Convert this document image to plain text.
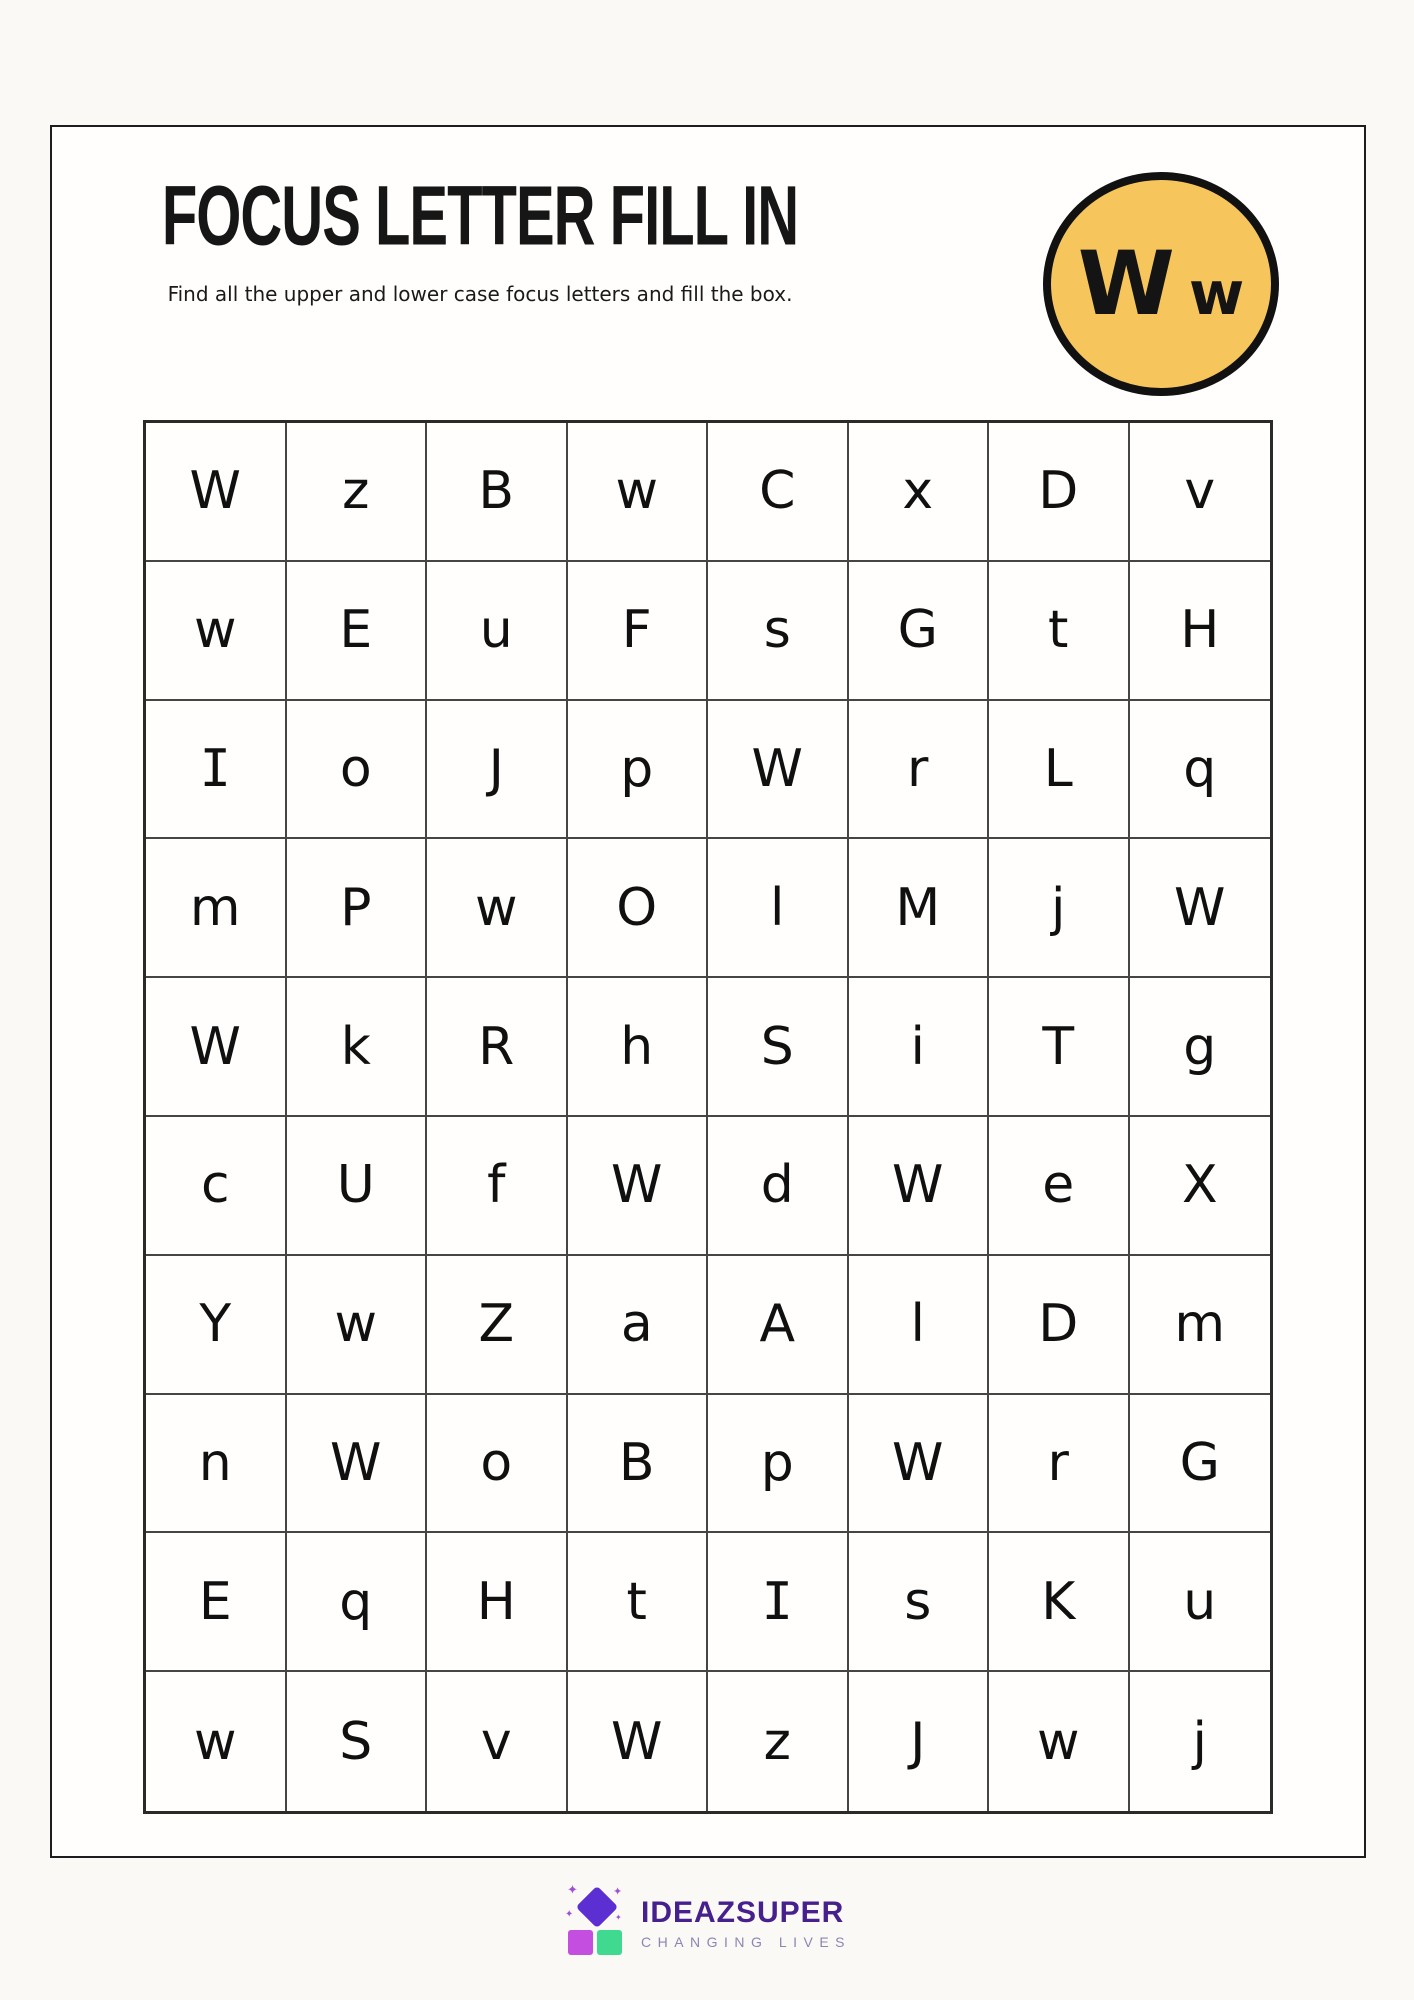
FOCUS LETTER FILL IN
Find all the upper and lower case focus letters and fill the box.	W w
W	z	B	w	C	x	D	v
w	E	u	F	s	G	t	H
I	o	J	p	W	r	L	q
m	P	w	O	l	M	j	W
W	k	R	h	S	i	T	g
c	U	f	W	d	W	e	X
Y	w	Z	a	A	l	D	m
n	W	o	B	p	W	r	G
E	q	H	t	I	s	K	u
w	S	v	W	z	J	w	j
✦	✦
✦	✦ IDEAZSUPER
CHANGING LIVES
